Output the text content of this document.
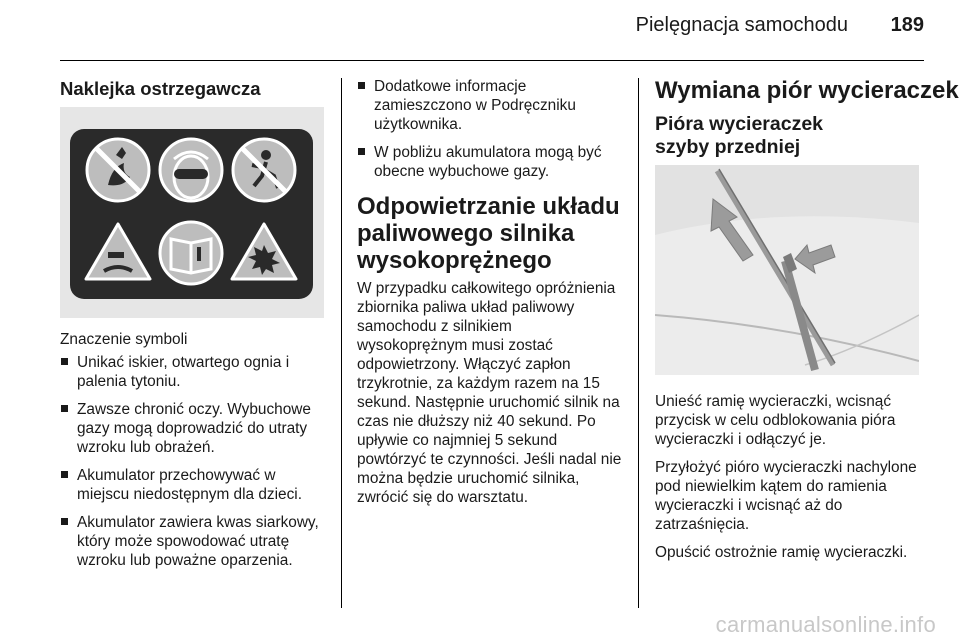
Pielęgnacja samochodu	189

Naklejka ostrzegawcza

Znaczenie symboli

Unikać iskier, otwartego ognia i palenia tytoniu.
Zawsze chronić oczy. Wybuchowe gazy mogą doprowadzić do utraty wzroku lub obrażeń.
Akumulator przechowywać w miejscu niedostępnym dla dzieci.
Akumulator zawiera kwas siarkowy, który może spowodować utratę wzroku lub poważne oparzenia.
Dodatkowe informacje zamieszczono w Podręczniku użytkownika.
W pobliżu akumulatora mogą być obecne wybuchowe gazy.

Odpowietrzanie układu paliwowego silnika wysokoprężnego

W przypadku całkowitego opróżnienia zbiornika paliwa układ paliwowy samochodu z silnikiem wysokoprężnym musi zostać odpowietrzony. Włączyć zapłon trzykrotnie, za każdym razem na 15 sekund. Następnie uruchomić silnik na czas nie dłuższy niż 40 sekund. Po upływie co najmniej 5 sekund powtórzyć te czynności. Jeśli nadal nie można będzie uruchomić silnika, zwrócić się do warsztatu.

Wymiana piór wycieraczek

Pióra wycieraczek szyby przedniej

Unieść ramię wycieraczki, wcisnąć przycisk w celu odblokowania pióra wycieraczki i odłączyć je.

Przyłożyć pióro wycieraczki nachylone pod niewielkim kątem do ramienia wycieraczki i wcisnąć aż do zatrzaśnięcia.

Opuścić ostrożnie ramię wycieraczki.

carmanualsonline.info
